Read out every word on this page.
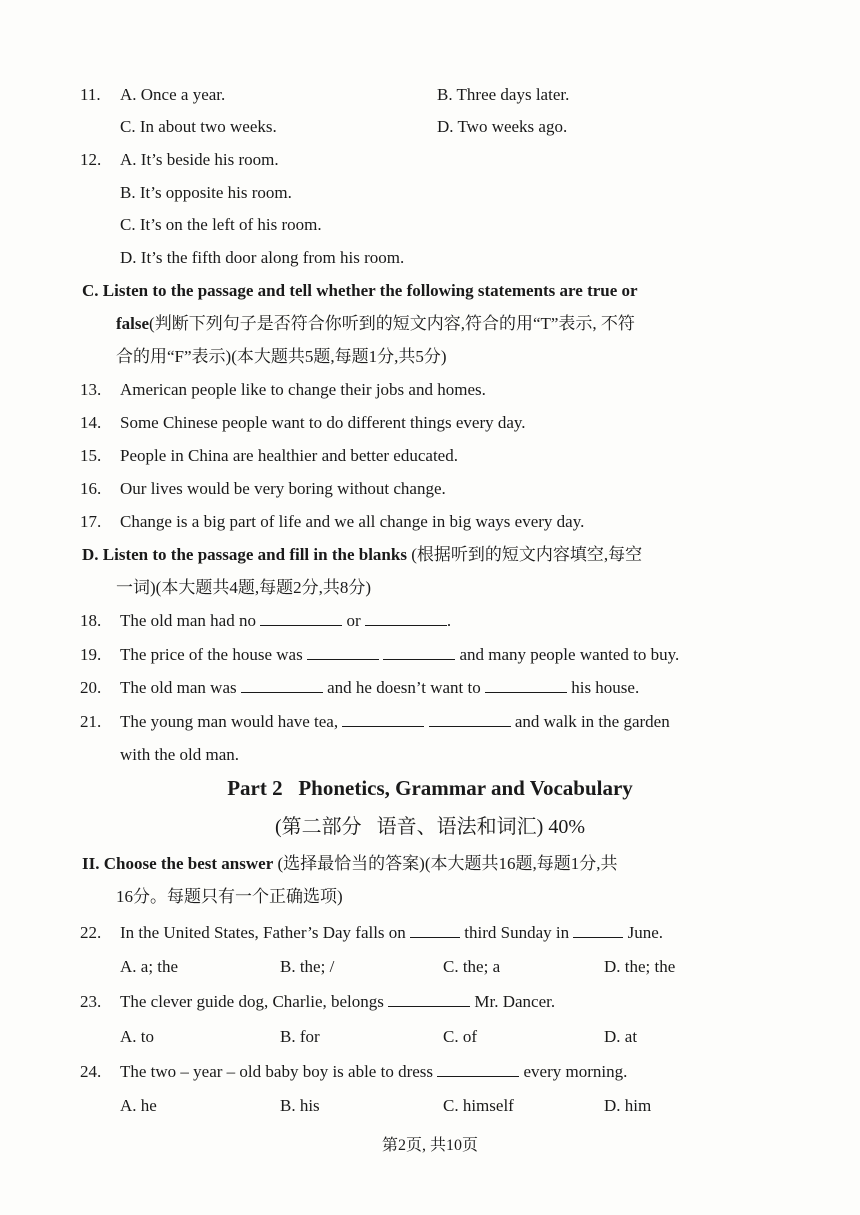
11. A. Once a year.	B. Three days later.
C. In about two weeks.	D. Two weeks ago.
12. A. It’s beside his room.
B. It’s opposite his room.
C. It’s on the left of his room.
D. It’s the fifth door along from his room.
C. Listen to the passage and tell whether the following statements are true or
false(判断下列句子是否符合你听到的短文内容,符合的用“T”表示, 不符
合的用“F”表示)(本大题共5题,每题1分,共5分)
13. American people like to change their jobs and homes.
14. Some Chinese people want to do different things every day.
15. People in China are healthier and better educated.
16. Our lives would be very boring without change.
17. Change is a big part of life and we all change in big ways every day.
D. Listen to the passage and fill in the blanks (根据听到的短文内容填空,每空
一词)(本大题共4题,每题2分,共8分)
18. The old man had no	or	.
19. The price of the house was	and many people wanted to buy.
20. The old man was	and he doesn’t want to	his house.
21. The young man would have tea,	and walk in the garden
with the old man.
Part 2   Phonetics, Grammar and Vocabulary
(第二部分   语音、语法和词汇) 40%
II. Choose the best answer (选择最恰当的答案)(本大题共16题,每题1分,共
16分。每题只有一个正确选项)
22. In the United States, Father’s Day falls on	third Sunday in	June.
A. a; the	B. the; /	C. the; a	D. the; the
23. The clever guide dog, Charlie, belongs	Mr. Dancer.
A. to	B. for	C. of	D. at
24. The two – year – old baby boy is able to dress	every morning.
A. he	B. his	C. himself	D. him
第2页, 共10页
